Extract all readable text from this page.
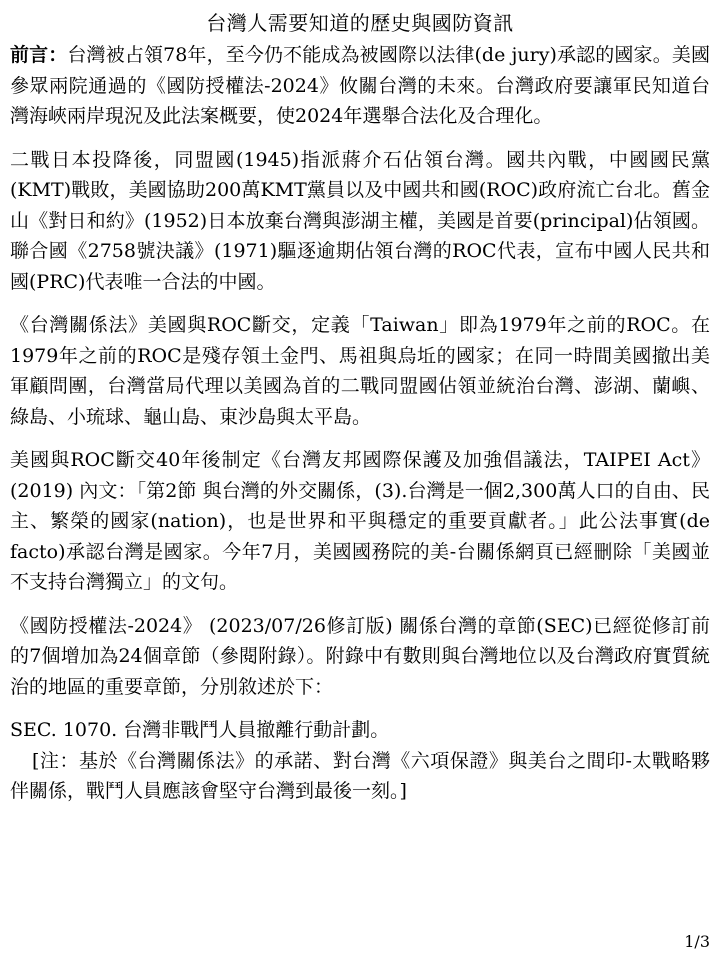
台灣人需要知道的歷史與國防資訊

前言：台灣被占領78年，至今仍不能成為被國際以法律(de jury)承認的國家。美國參眾兩院通過的《國防授權法-2024》攸關台灣的未來。台灣政府要讓軍民知道台灣海峽兩岸現況及此法案概要，使2024年選舉合法化及合理化。

二戰日本投降後，同盟國(1945)指派蔣介石佔領台灣。國共內戰，中國國民黨(KMT)戰敗，美國協助200萬KMT黨員以及中國共和國(ROC)政府流亡台北。舊金山《對日和約》(1952)日本放棄台灣與澎湖主權，美國是首要(principal)佔領國。聯合國《2758號決議》(1971)驅逐逾期佔領台灣的ROC代表，宣布中國人民共和國(PRC)代表唯一合法的中國。

《台灣關係法》美國與ROC斷交，定義「Taiwan」即為1979年之前的ROC。在1979年之前的ROC是殘存領土金門、馬祖與烏坵的國家；在同一時間美國撤出美軍顧問團，台灣當局代理以美國為首的二戰同盟國佔領並統治台灣、澎湖、蘭嶼、綠島、小琉球、龜山島、東沙島與太平島。

美國與ROC斷交40年後制定《台灣友邦國際保護及加強倡議法，TAIPEI Act》(2019) 內文：「第2節 與台灣的外交關係，(3).台灣是一個2,300萬人口的自由、民主、繁榮的國家(nation)，也是世界和平與穩定的重要貢獻者。」此公法事實(de facto)承認台灣是國家。今年7月，美國國務院的美-台關係網頁已經刪除「美國並不支持台灣獨立」的文句。

《國防授權法-2024》 (2023/07/26修訂版) 關係台灣的章節(SEC)已經從修訂前的7個增加為24個章節（參閱附錄）。附錄中有數則與台灣地位以及台灣政府實質統治的地區的重要章節，分別敘述於下：

SEC. 1070. 台灣非戰鬥人員撤離行動計劃。

[注：基於《台灣關係法》的承諾、對台灣《六項保證》與美台之間印-太戰略夥伴關係，戰鬥人員應該會堅守台灣到最後一刻。]

1/3
